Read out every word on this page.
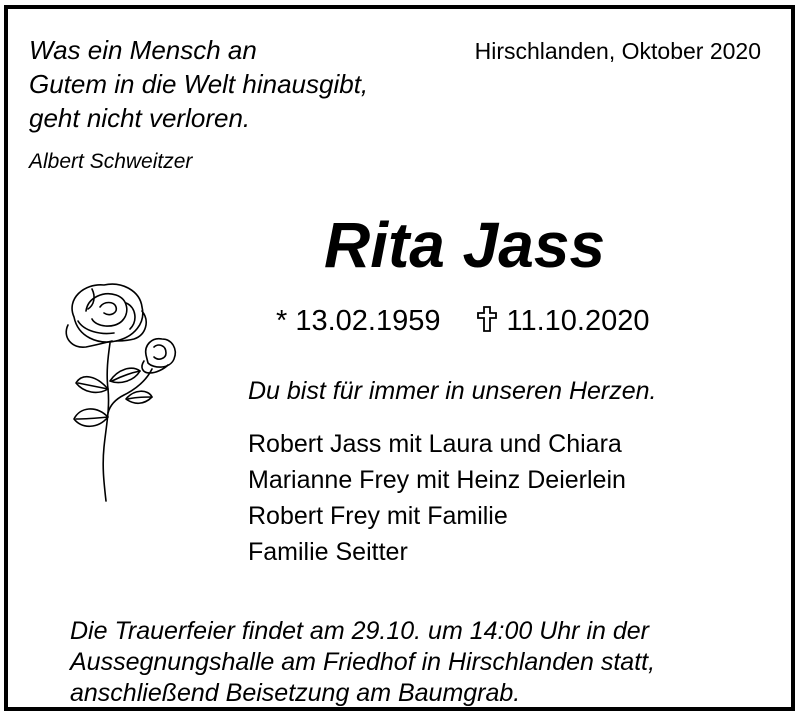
Was ein Mensch an
Gutem in die Welt hinausgibt,
geht nicht verloren.
Albert Schweitzer
Hirschlanden, Oktober 2020
Rita Jass
* 13.02.1959 11.10.2020
Du bist für immer in unseren Herzen.
Robert Jass mit Laura und Chiara
Marianne Frey mit Heinz Deierlein
Robert Frey mit Familie
Familie Seitter
Die Trauerfeier findet am 29.10. um 14:00 Uhr in der
Aussegnungshalle am Friedhof in Hirschlanden statt,
anschließend Beisetzung am Baumgrab.
